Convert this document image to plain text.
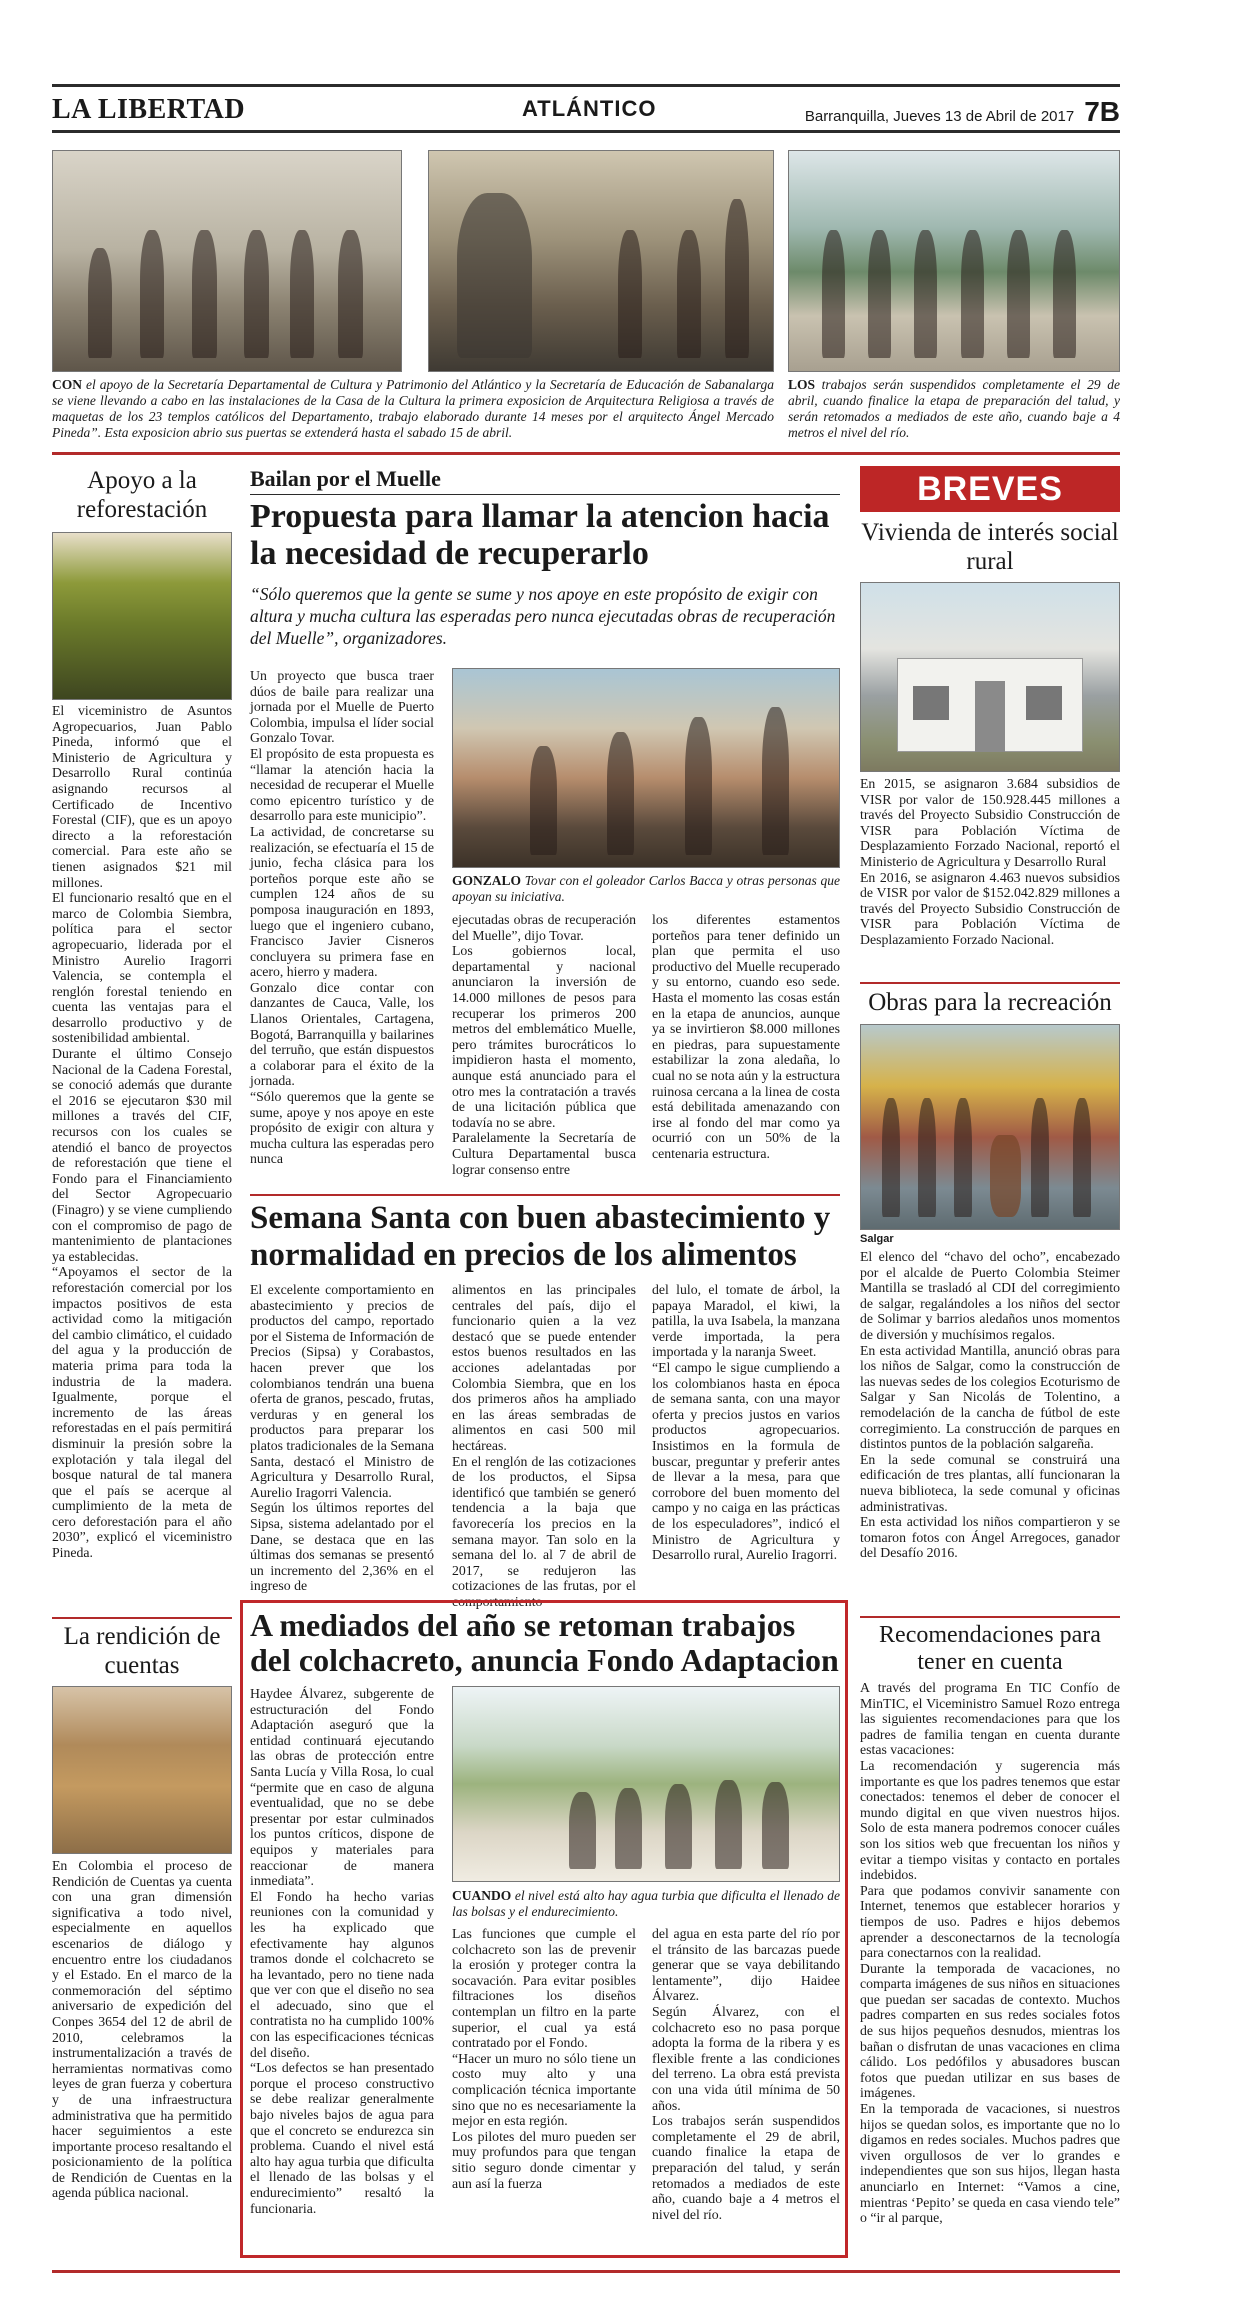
LA LIBERTAD	ATLÁNTICO	Barranquilla, Jueves 13 de Abril de 2017 7B
CON el apoyo de la Secretaría Departamental de Cultura y Patrimonio del Atlántico y la Secretaría de Educación de Sabanalarga se viene llevando a cabo en las instalaciones de la Casa de la Cultura la primera exposicion de Arquitectura Religiosa a través de maquetas de los 23 templos católicos del Departamento, trabajo elaborado durante 14 meses por el arquitecto Ángel Mercado Pineda”. Esta exposicion abrio sus puertas se extenderá hasta el sabado 15 de abril.
LOS trabajos serán suspendidos completamente el 29 de abril, cuando finalice la etapa de preparación del talud, y serán retomados a mediados de este año, cuando baje a 4 metros el nivel del río.
Apoyo a la reforestación
El viceministro de Asuntos Agropecuarios, Juan Pablo Pineda, informó que el Ministerio de Agricultura y Desarrollo Rural continúa asignando recursos al Certificado de Incentivo Forestal (CIF), que es un apoyo directo a la reforestación comercial. Para este año se tienen asignados $21 mil millones.
El funcionario resaltó que en el marco de Colombia Siembra, política para el sector agropecuario, liderada por el Ministro Aurelio Iragorri Valencia, se contempla el renglón forestal teniendo en cuenta las ventajas para el desarrollo productivo y de sostenibilidad ambiental.
Durante el último Consejo Nacional de la Cadena Forestal, se conoció además que durante el 2016 se ejecutaron $30 mil millones a través del CIF, recursos con los cuales se atendió el banco de proyectos de reforestación que tiene el Fondo para el Financiamiento del Sector Agropecuario (Finagro) y se viene cumpliendo con el compromiso de pago de mantenimiento de plantaciones ya establecidas.
“Apoyamos el sector de la reforestación comercial por los impactos positivos de esta actividad como la mitigación del cambio climático, el cuidado del agua y la producción de materia prima para toda la industria de la madera. Igualmente, porque el incremento de las áreas reforestadas en el país permitirá disminuir la presión sobre la explotación y tala ilegal del bosque natural de tal manera que el país se acerque al cumplimiento de la meta de cero deforestación para el año 2030”, explicó el viceministro Pineda.
La rendición de cuentas
En Colombia el proceso de Rendición de Cuentas ya cuenta con una gran dimensión significativa a todo nivel, especialmente en aquellos escenarios de diálogo y encuentro entre los ciudadanos y el Estado. En el marco de la conmemoración del séptimo aniversario de expedición del Conpes 3654 del 12 de abril de 2010, celebramos la instrumentalización a través de herramientas normativas como leyes de gran fuerza y cobertura y de una infraestructura administrativa que ha permitido hacer seguimientos a este importante proceso resaltando el posicionamiento de la política de Rendición de Cuentas en la agenda pública nacional.
Bailan por el Muelle
Propuesta para llamar la atencion hacia la necesidad de recuperarlo
“Sólo queremos que la gente se sume y nos apoye en este propósito de exigir con altura y mucha cultura las esperadas pero nunca ejecutadas obras de recuperación del Muelle”, organizadores.
Un proyecto que busca traer dúos de baile para realizar una jornada por el Muelle de Puerto Colombia, impulsa el líder social Gonzalo Tovar.
El propósito de esta propuesta es “llamar la atención hacia la necesidad de recuperar el Muelle como epicentro turístico y de desarrollo para este municipio”.
La actividad, de concretarse su realización, se efectuaría el 15 de junio, fecha clásica para los porteños porque este año se cumplen 124 años de su pomposa inauguración en 1893, luego que el ingeniero cubano, Francisco Javier Cisneros concluyera su primera fase en acero, hierro y madera.
Gonzalo dice contar con danzantes de Cauca, Valle, los Llanos Orientales, Cartagena, Bogotá, Barranquilla y bailarines del terruño, que están dispuestos a colaborar para el éxito de la jornada.
“Sólo queremos que la gente se sume, apoye y nos apoye en este propósito de exigir con altura y mucha cultura las esperadas pero nunca
GONZALO Tovar con el goleador Carlos Bacca y otras personas que apoyan su iniciativa.
ejecutadas obras de recuperación del Muelle”, dijo Tovar.
Los gobiernos local, departamental y nacional anunciaron la inversión de 14.000 millones de pesos para recuperar los primeros 200 metros del emblemático Muelle, pero trámites burocráticos lo impidieron hasta el momento, aunque está anunciado para el otro mes la contratación a través de una licitación pública que todavía no se abre.
Paralelamente la Secretaría de Cultura Departamental busca lograr consenso entre
los diferentes estamentos porteños para tener definido un plan que permita el uso productivo del Muelle recuperado y su entorno, cuando eso sede. Hasta el momento las cosas están en la etapa de anuncios, aunque ya se invirtieron $8.000 millones en piedras, para supuestamente estabilizar la zona aledaña, lo cual no se nota aún y la estructura ruinosa cercana a la linea de costa está debilitada amenazando con irse al fondo del mar como ya ocurrió con un 50% de la centenaria estructura.
Semana Santa con buen abastecimiento y normalidad en precios de los alimentos
El excelente comportamiento en abastecimiento y precios de productos del campo, reportado por el Sistema de Información de Precios (Sipsa) y Corabastos, hacen prever que los colombianos tendrán una buena oferta de granos, pescado, frutas, verduras y en general los productos para preparar los platos tradicionales de la Semana Santa, destacó el Ministro de Agricultura y Desarrollo Rural, Aurelio Iragorri Valencia.
Según los últimos reportes del Sipsa, sistema adelantado por el Dane, se destaca que en las últimas dos semanas se presentó un incremento del 2,36% en el ingreso de
alimentos en las principales centrales del país, dijo el funcionario quien a la vez destacó que se puede entender estos buenos resultados en las acciones adelantadas por Colombia Siembra, que en los dos primeros años ha ampliado en las áreas sembradas de alimentos en casi 500 mil hectáreas.
En el renglón de las cotizaciones de los productos, el Sipsa identificó que también se generó tendencia a la baja que favorecería los precios en la semana mayor. Tan solo en la semana del lo. al 7 de abril de 2017, se redujeron las cotizaciones de las frutas, por el comportamiento
del lulo, el tomate de árbol, la papaya Maradol, el kiwi, la patilla, la uva Isabela, la manzana verde importada, la pera importada y la naranja Sweet.
“El campo le sigue cumpliendo a los colombianos hasta en época de semana santa, con una mayor oferta y precios justos en varios productos agropecuarios. Insistimos en la formula de buscar, preguntar y preferir antes de llevar a la mesa, para que corrobore del buen momento del campo y no caiga en las prácticas de los especuladores”, indicó el Ministro de Agricultura y Desarrollo rural, Aurelio Iragorri.
A mediados del año se retoman trabajos del colchacreto, anuncia Fondo Adaptacion
Haydee Álvarez, subgerente de estructuración del Fondo Adaptación aseguró que la entidad continuará ejecutando las obras de protección entre Santa Lucía y Villa Rosa, lo cual “permite que en caso de alguna eventualidad, que no se debe presentar por estar culminados los puntos críticos, dispone de equipos y materiales para reaccionar de manera inmediata”.
El Fondo ha hecho varias reuniones con la comunidad y les ha explicado que efectivamente hay algunos tramos donde el colchacreto se ha levantado, pero no tiene nada que ver con que el diseño no sea el adecuado, sino que el contratista no ha cumplido 100% con las especificaciones técnicas del diseño.
“Los defectos se han presentado porque el proceso constructivo se debe realizar generalmente bajo niveles bajos de agua para que el concreto se endurezca sin problema. Cuando el nivel está alto hay agua turbia que dificulta el llenado de las bolsas y el endurecimiento” resaltó la funcionaria.
CUANDO el nivel está alto hay agua turbia que dificulta el llenado de las bolsas y el endurecimiento.
Las funciones que cumple el colchacreto son las de prevenir la erosión y proteger contra la socavación. Para evitar posibles filtraciones los diseños contemplan un filtro en la parte superior, el cual ya está contratado por el Fondo.
“Hacer un muro no sólo tiene un costo muy alto y una complicación técnica importante sino que no es necesariamente la mejor en esta región.
Los pilotes del muro pueden ser muy profundos para que tengan sitio seguro donde cimentar y aun así la fuerza
del agua en esta parte del río por el tránsito de las barcazas puede generar que se vaya debilitando lentamente”, dijo Haidee Álvarez.
Según Álvarez, con el colchacreto eso no pasa porque adopta la forma de la ribera y es flexible frente a las condiciones del terreno. La obra está prevista con una vida útil mínima de 50 años.
Los trabajos serán suspendidos completamente el 29 de abril, cuando finalice la etapa de preparación del talud, y serán retomados a mediados de este año, cuando baje a 4 metros el nivel del río.
BREVES
Vivienda de interés social rural
En 2015, se asignaron 3.684 subsidios de VISR por valor de 150.928.445 millones a través del Proyecto Subsidio Construcción de VISR para Población Víctima de Desplazamiento Forzado Nacional, reportó el Ministerio de Agricultura y Desarrollo Rural
En 2016, se asignaron 4.463 nuevos subsidios de VISR por valor de $152.042.829 millones a través del Proyecto Subsidio Construcción de VISR para Población Víctima de Desplazamiento Forzado Nacional.
Obras para la recreación
Salgar
El elenco del “chavo del ocho”, encabezado por el alcalde de Puerto Colombia Steimer Mantilla se trasladó al CDI del corregimiento de salgar, regalándoles a los niños del sector de Solimar y barrios aledaños unos momentos de diversión y muchísimos regalos.
En esta actividad Mantilla, anunció obras para los niños de Salgar, como la construcción de las nuevas sedes de los colegios Ecoturismo de Salgar y San Nicolás de Tolentino, a remodelación de la cancha de fútbol de este corregimiento. La construcción de parques en distintos puntos de la población salgareña.
En la sede comunal se construirá una edificación de tres plantas, allí funcionaran la nueva biblioteca, la sede comunal y oficinas administrativas.
En esta actividad los niños compartieron y se tomaron fotos con Ángel Arregoces, ganador del Desafío 2016.
Recomendaciones para tener en cuenta
A través del programa En TIC Confío de MinTIC, el Viceministro Samuel Rozo entrega las siguientes recomendaciones para que los padres de familia tengan en cuenta durante estas vacaciones:
La recomendación y sugerencia más importante es que los padres tenemos que estar conectados: tenemos el deber de conocer el mundo digital en que viven nuestros hijos. Solo de esta manera podremos conocer cuáles son los sitios web que frecuentan los niños y evitar a tiempo visitas y contacto en portales indebidos.
Para que podamos convivir sanamente con Internet, tenemos que establecer horarios y tiempos de uso. Padres e hijos debemos aprender a desconectarnos de la tecnología para conectarnos con la realidad.
Durante la temporada de vacaciones, no comparta imágenes de sus niños en situaciones que puedan ser sacadas de contexto. Muchos padres comparten en sus redes sociales fotos de sus hijos pequeños desnudos, mientras los bañan o disfrutan de unas vacaciones en clima cálido. Los pedófilos y abusadores buscan fotos que puedan utilizar en sus bases de imágenes.
En la temporada de vacaciones, si nuestros hijos se quedan solos, es importante que no lo digamos en redes sociales. Muchos padres que viven orgullosos de ver lo grandes e independientes que son sus hijos, llegan hasta anunciarlo en Internet: “Vamos a cine, mientras ‘Pepito’ se queda en casa viendo tele” o “ir al parque,
